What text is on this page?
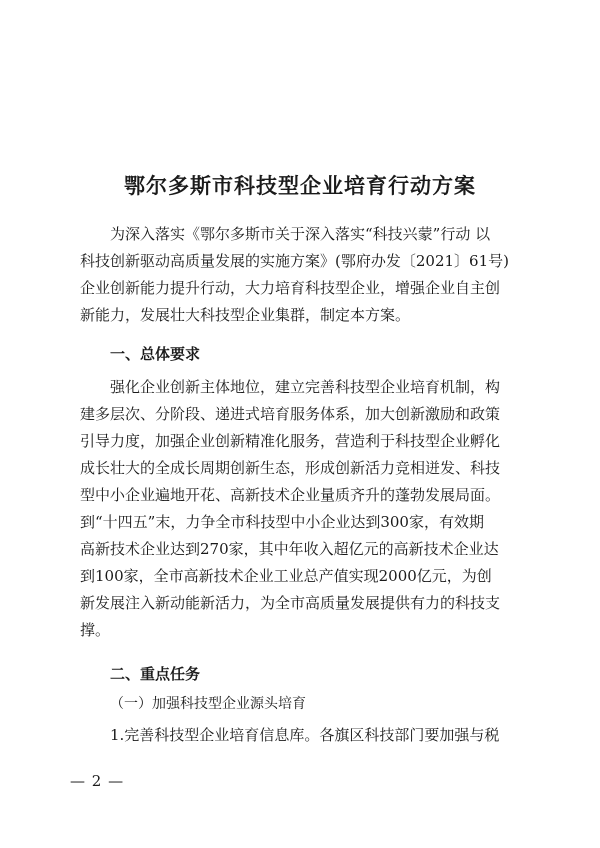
鄂尔多斯市科技型企业培育行动方案
为深入落实《鄂尔多斯市关于深入落实“科技兴蒙”行动 以
科技创新驱动高质量发展的实施方案》(鄂府办发〔2021〕61号)
企业创新能力提升行动，大力培育科技型企业，增强企业自主创
新能力，发展壮大科技型企业集群，制定本方案。
一、总体要求
强化企业创新主体地位，建立完善科技型企业培育机制，构
建多层次、分阶段、递进式培育服务体系，加大创新激励和政策
引导力度，加强企业创新精准化服务，营造利于科技型企业孵化
成长壮大的全成长周期创新生态，形成创新活力竞相迸发、科技
型中小企业遍地开花、高新技术企业量质齐升的蓬勃发展局面。
到“十四五”末，力争全市科技型中小企业达到300家，有效期
高新技术企业达到270家，其中年收入超亿元的高新技术企业达
到100家，全市高新技术企业工业总产值实现2000亿元，为创
新发展注入新动能新活力，为全市高质量发展提供有力的科技支
撑。
二、重点任务
（一）加强科技型企业源头培育
1.完善科技型企业培育信息库。各旗区科技部门要加强与税
— 2 —
